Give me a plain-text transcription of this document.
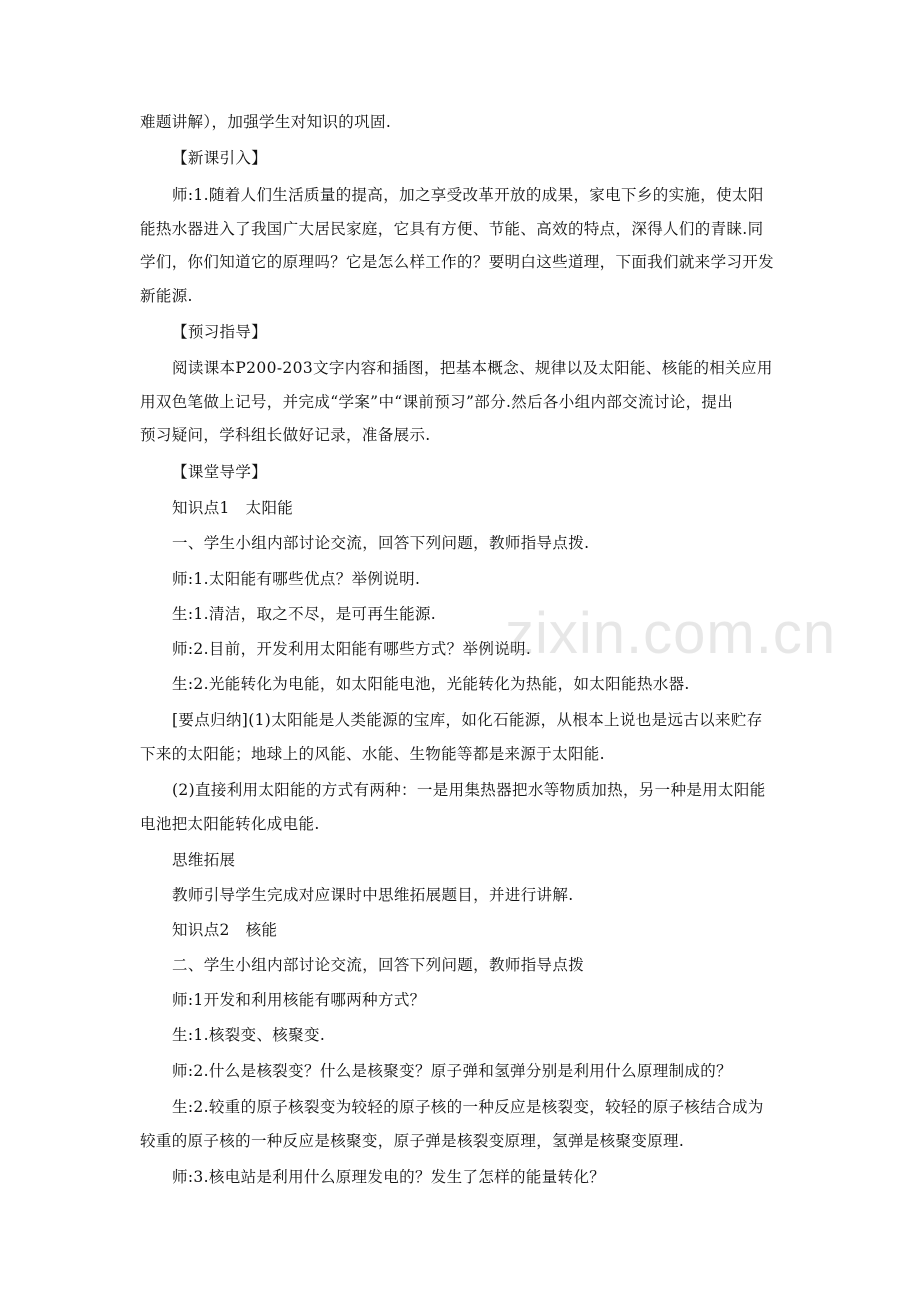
难题讲解），加强学生对知识的巩固.
【新课引入】
师:1.随着人们生活质量的提高，加之享受改革开放的成果，家电下乡的实施，使太阳
能热水器进入了我国广大居民家庭，它具有方便、节能、高效的特点，深得人们的青睐.同
学们，你们知道它的原理吗？它是怎么样工作的？要明白这些道理，下面我们就来学习开发
新能源.
【预习指导】
阅读课本P200-203文字内容和插图，把基本概念、规律以及太阳能、核能的相关应用
用双色笔做上记号，并完成“学案”中“课前预习”部分.然后各小组内部交流讨论，提出
预习疑问，学科组长做好记录，准备展示.
【课堂导学】
知识点1　太阳能
一、学生小组内部讨论交流，回答下列问题，教师指导点拨.
师:1.太阳能有哪些优点？举例说明.
生:1.清洁，取之不尽，是可再生能源.
师:2.目前，开发利用太阳能有哪些方式？举例说明.
生:2.光能转化为电能，如太阳能电池，光能转化为热能，如太阳能热水器.
[要点归纳](1)太阳能是人类能源的宝库，如化石能源，从根本上说也是远古以来贮存
下来的太阳能；地球上的风能、水能、生物能等都是来源于太阳能.
(2)直接利用太阳能的方式有两种：一是用集热器把水等物质加热，另一种是用太阳能
电池把太阳能转化成电能.
思维拓展
教师引导学生完成对应课时中思维拓展题目，并进行讲解.
知识点2　核能
二、学生小组内部讨论交流，回答下列问题，教师指导点拨
师:1开发和利用核能有哪两种方式？
生:1.核裂变、核聚变.
师:2.什么是核裂变？什么是核聚变？原子弹和氢弹分别是利用什么原理制成的？
生:2.较重的原子核裂变为较轻的原子核的一种反应是核裂变，较轻的原子核结合成为
较重的原子核的一种反应是核聚变，原子弹是核裂变原理，氢弹是核聚变原理.
师:3.核电站是利用什么原理发电的？发生了怎样的能量转化？
zixin.com.cn
